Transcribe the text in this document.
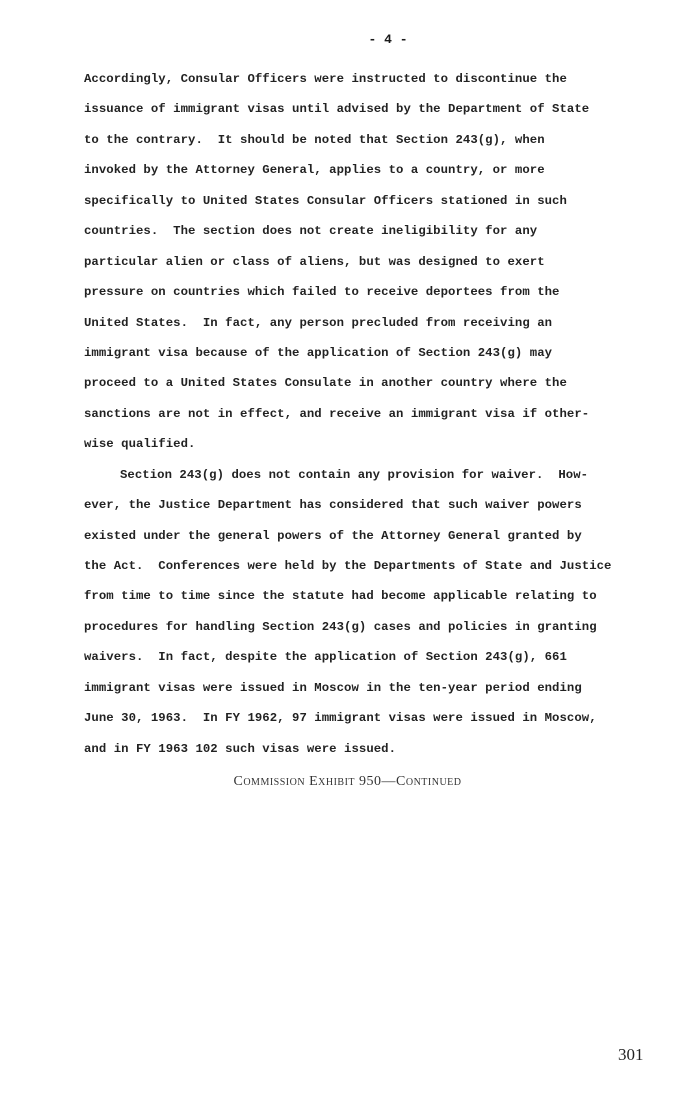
- 4 -
Accordingly, Consular Officers were instructed to discontinue the
issuance of immigrant visas until advised by the Department of State
to the contrary.  It should be noted that Section 243(g), when
invoked by the Attorney General, applies to a country, or more
specifically to United States Consular Officers stationed in such
countries.  The section does not create ineligibility for any
particular alien or class of aliens, but was designed to exert
pressure on countries which failed to receive deportees from the
United States.  In fact, any person precluded from receiving an
immigrant visa because of the application of Section 243(g) may
proceed to a United States Consulate in another country where the
sanctions are not in effect, and receive an immigrant visa if other-
wise qualified.
Section 243(g) does not contain any provision for waiver.  How-
ever, the Justice Department has considered that such waiver powers
existed under the general powers of the Attorney General granted by
the Act.  Conferences were held by the Departments of State and Justice
from time to time since the statute had become applicable relating to
procedures for handling Section 243(g) cases and policies in granting
waivers.  In fact, despite the application of Section 243(g), 661
immigrant visas were issued in Moscow in the ten-year period ending
June 30, 1963.  In FY 1962, 97 immigrant visas were issued in Moscow,
and in FY 1963 102 such visas were issued.
Commission Exhibit 950—Continued
301
